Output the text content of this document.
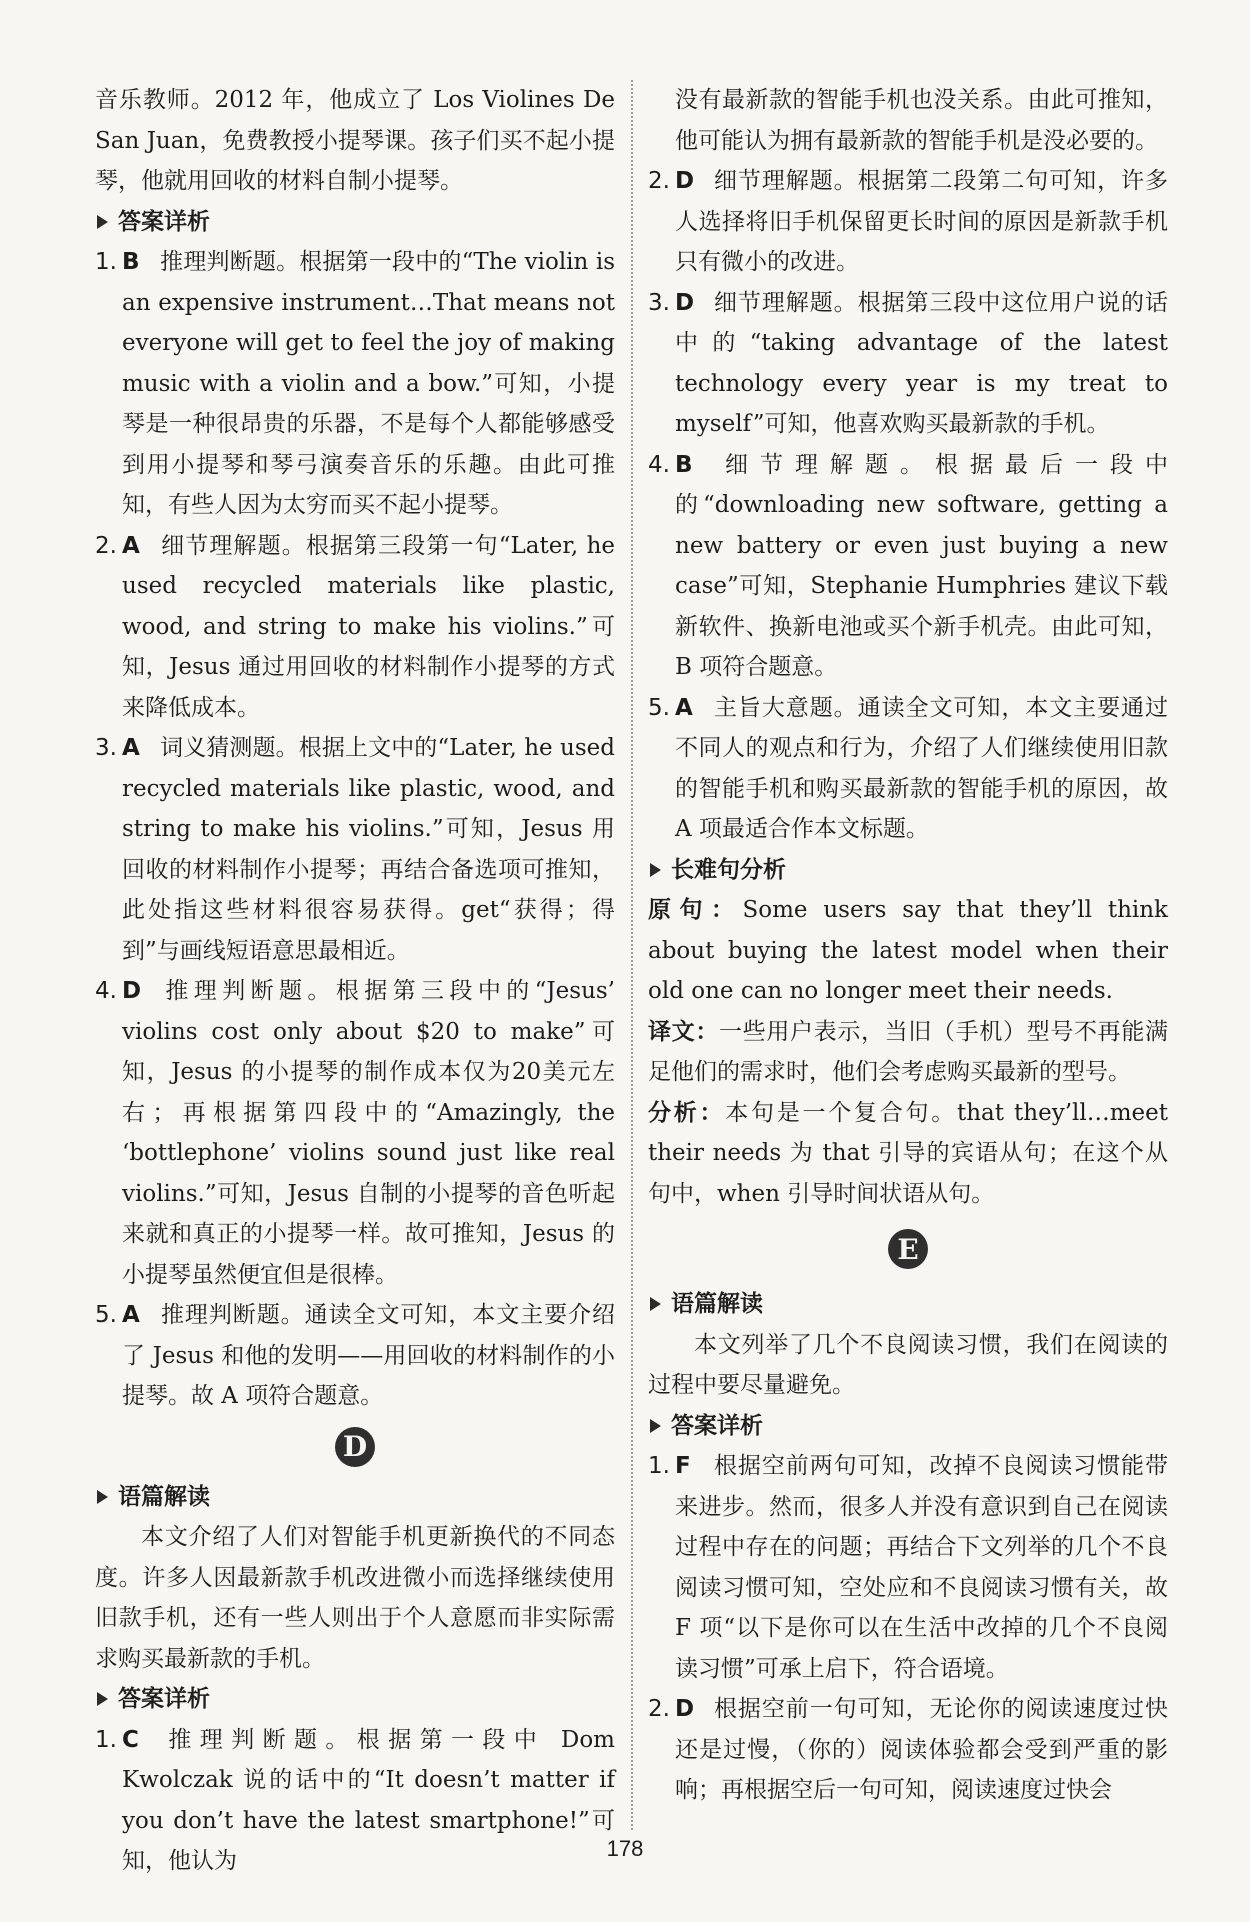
音乐教师。2012 年，他成立了 Los Violines De San Juan，免费教授小提琴课。孩子们买不起小提琴，他就用回收的材料自制小提琴。

答案详析
1. B 推理判断题。根据第一段中的“The violin is an expensive instrument…That means not everyone will get to feel the joy of making music with a violin and a bow.”可知，小提琴是一种很昂贵的乐器，不是每个人都能够感受到用小提琴和琴弓演奏音乐的乐趣。由此可推知，有些人因为太穷而买不起小提琴。
2. A 细节理解题。根据第三段第一句“Later, he used recycled materials like plastic, wood, and string to make his violins.”可知，Jesus 通过用回收的材料制作小提琴的方式来降低成本。
3. A 词义猜测题。根据上文中的“Later, he used recycled materials like plastic, wood, and string to make his violins.”可知，Jesus 用回收的材料制作小提琴；再结合备选项可推知，此处指这些材料很容易获得。get“获得；得到”与画线短语意思最相近。
4. D 推理判断题。根据第三段中的“Jesus’ violins cost only about $20 to make”可知，Jesus 的小提琴的制作成本仅为20美元左右；再根据第四段中的“Amazingly, the ‘bottlephone’ violins sound just like real violins.”可知，Jesus 自制的小提琴的音色听起来就和真正的小提琴一样。故可推知，Jesus 的小提琴虽然便宜但是很棒。
5. A 推理判断题。通读全文可知，本文主要介绍了 Jesus 和他的发明——用回收的材料制作的小提琴。故 A 项符合题意。
D
语篇解读

本文介绍了人们对智能手机更新换代的不同态度。许多人因最新款手机改进微小而选择继续使用旧款手机，还有一些人则出于个人意愿而非实际需求购买最新款的手机。

答案详析
1. C 推理判断题。根据第一段中 Dom Kwolczak 说的话中的“It doesn’t matter if you don’t have the latest smartphone!”可知，他认为

没有最新款的智能手机也没关系。由此可推知，他可能认为拥有最新款的智能手机是没必要的。

2. D 细节理解题。根据第二段第二句可知，许多人选择将旧手机保留更长时间的原因是新款手机只有微小的改进。
3. D 细节理解题。根据第三段中这位用户说的话中的“taking advantage of the latest technology every year is my treat to myself”可知，他喜欢购买最新款的手机。
4. B 细节理解题。根据最后一段中的“downloading new software, getting a new battery or even just buying a new case”可知，Stephanie Humphries 建议下载新软件、换新电池或买个新手机壳。由此可知，B 项符合题意。
5. A 主旨大意题。通读全文可知，本文主要通过不同人的观点和行为，介绍了人们继续使用旧款的智能手机和购买最新款的智能手机的原因，故 A 项最适合作本文标题。
长难句分析

原句：Some users say that they’ll think about buying the latest model when their old one can no longer meet their needs.

译文：一些用户表示，当旧（手机）型号不再能满足他们的需求时，他们会考虑购买最新的型号。

分析：本句是一个复合句。that they’ll…meet their needs 为 that 引导的宾语从句；在这个从句中，when 引导时间状语从句。

E
语篇解读

本文列举了几个不良阅读习惯，我们在阅读的过程中要尽量避免。

答案详析
1. F 根据空前两句可知，改掉不良阅读习惯能带来进步。然而，很多人并没有意识到自己在阅读过程中存在的问题；再结合下文列举的几个不良阅读习惯可知，空处应和不良阅读习惯有关，故 F 项“以下是你可以在生活中改掉的几个不良阅读习惯”可承上启下，符合语境。
2. D 根据空前一句可知，无论你的阅读速度过快还是过慢，（你的）阅读体验都会受到严重的影响；再根据空后一句可知，阅读速度过快会
178
